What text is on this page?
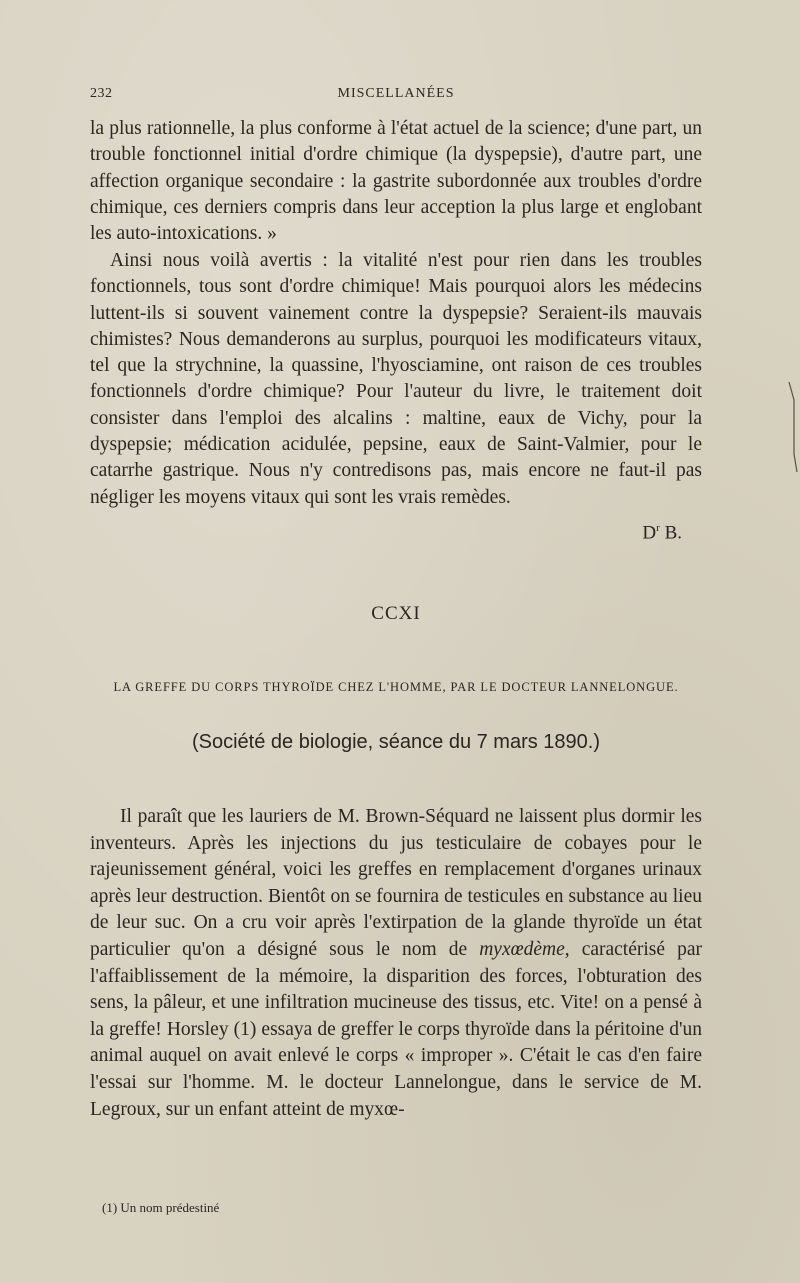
232	MISCELLANÉES
la plus rationnelle, la plus conforme à l'état actuel de la science; d'une part, un trouble fonctionnel initial d'ordre chimique (la dyspepsie), d'autre part, une affection organique secondaire : la gastrite subordonnée aux troubles d'ordre chimique, ces derniers compris dans leur acception la plus large et englobant les auto-intoxications. »
Ainsi nous voilà avertis : la vitalité n'est pour rien dans les troubles fonctionnels, tous sont d'ordre chimique! Mais pourquoi alors les médecins luttent-ils si souvent vainement contre la dyspepsie? Seraient-ils mauvais chimistes? Nous demanderons au surplus, pourquoi les modificateurs vitaux, tel que la strychnine, la quassine, l'hyosciamine, ont raison de ces troubles fonctionnels d'ordre chimique? Pour l'auteur du livre, le traitement doit consister dans l'emploi des alcalins : maltine, eaux de Vichy, pour la dyspepsie; médication acidulée, pepsine, eaux de Saint-Valmier, pour le catarrhe gastrique. Nous n'y contredisons pas, mais encore ne faut-il pas négliger les moyens vitaux qui sont les vrais remèdes.
$D^r$ B.
CCXI
LA GREFFE DU CORPS THYROÏDE CHEZ L'HOMME, PAR LE DOCTEUR LANNELONGUE.
(Société de biologie, séance du 7 mars 1890.)
Il paraît que les lauriers de M. Brown-Séquard ne laissent plus dormir les inventeurs. Après les injections du jus testiculaire de cobayes pour le rajeunissement général, voici les greffes en remplacement d'organes urinaux après leur destruction. Bientôt on se fournira de testicules en substance au lieu de leur suc. On a cru voir après l'extirpation de la glande thyroïde un état particulier qu'on a désigné sous le nom de myxœdème, caractérisé par l'affaiblissement de la mémoire, la disparition des forces, l'obturation des sens, la pâleur, et une infiltration mucineuse des tissus, etc. Vite! on a pensé à la greffe! Horsley (1) essaya de greffer le corps thyroïde dans la péritoine d'un animal auquel on avait enlevé le corps « improper ». C'était le cas d'en faire l'essai sur l'homme. M. le docteur Lannelongue, dans le service de M. Legroux, sur un enfant atteint de myxœ-
(1) Un nom prédestiné
